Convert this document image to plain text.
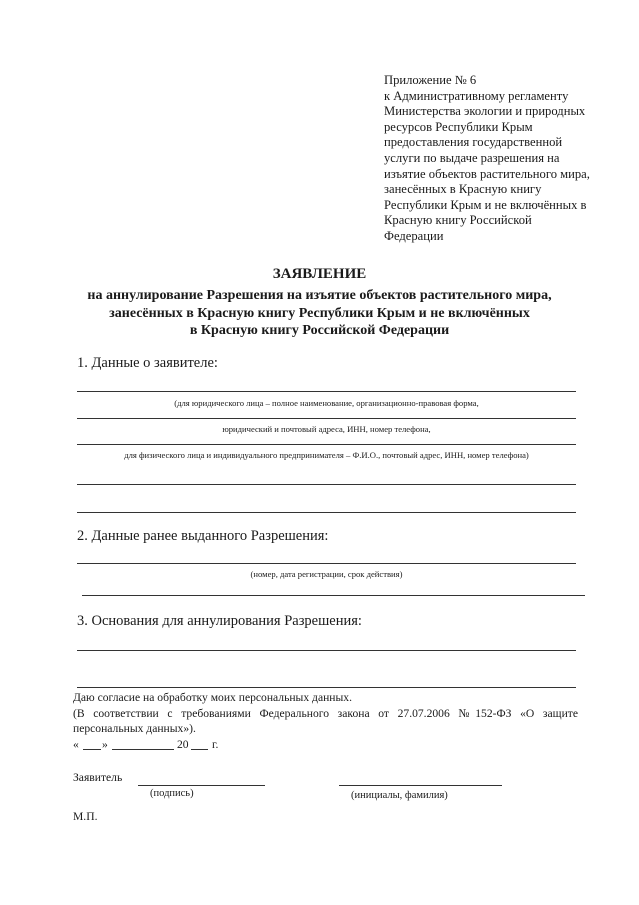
Приложение № 6
к Административному регламенту
Министерства экологии и природных
ресурсов Республики Крым
предоставления государственной
услуги по выдаче разрешения на
изъятие объектов растительного мира,
занесённых в Красную книгу
Республики Крым и не включённых в
Красную книгу Российской
Федерации
ЗАЯВЛЕНИЕ
на аннулирование Разрешения на изъятие объектов растительного мира,
занесённых в Красную книгу Республики Крым и не включённых
в Красную книгу Российской Федерации
1. Данные о заявителе:
(для юридического лица – полное наименование, организационно-правовая форма,
юридический и почтовый адреса, ИНН, номер телефона,
для физического лица и индивидуального предпринимателя – Ф.И.О., почтовый адрес, ИНН, номер телефона)
2. Данные ранее выданного Разрешения:
(номер, дата регистрации, срок действия)
3. Основания для аннулирования Разрешения:
Даю согласие на обработку моих персональных данных.
(В соответствии с требованиями Федерального закона от 27.07.2006 №152-ФЗ «О защите
персональных данных»).
« »	20 г.
Заявитель
(подпись)	(инициалы, фамилия)
М.П.
